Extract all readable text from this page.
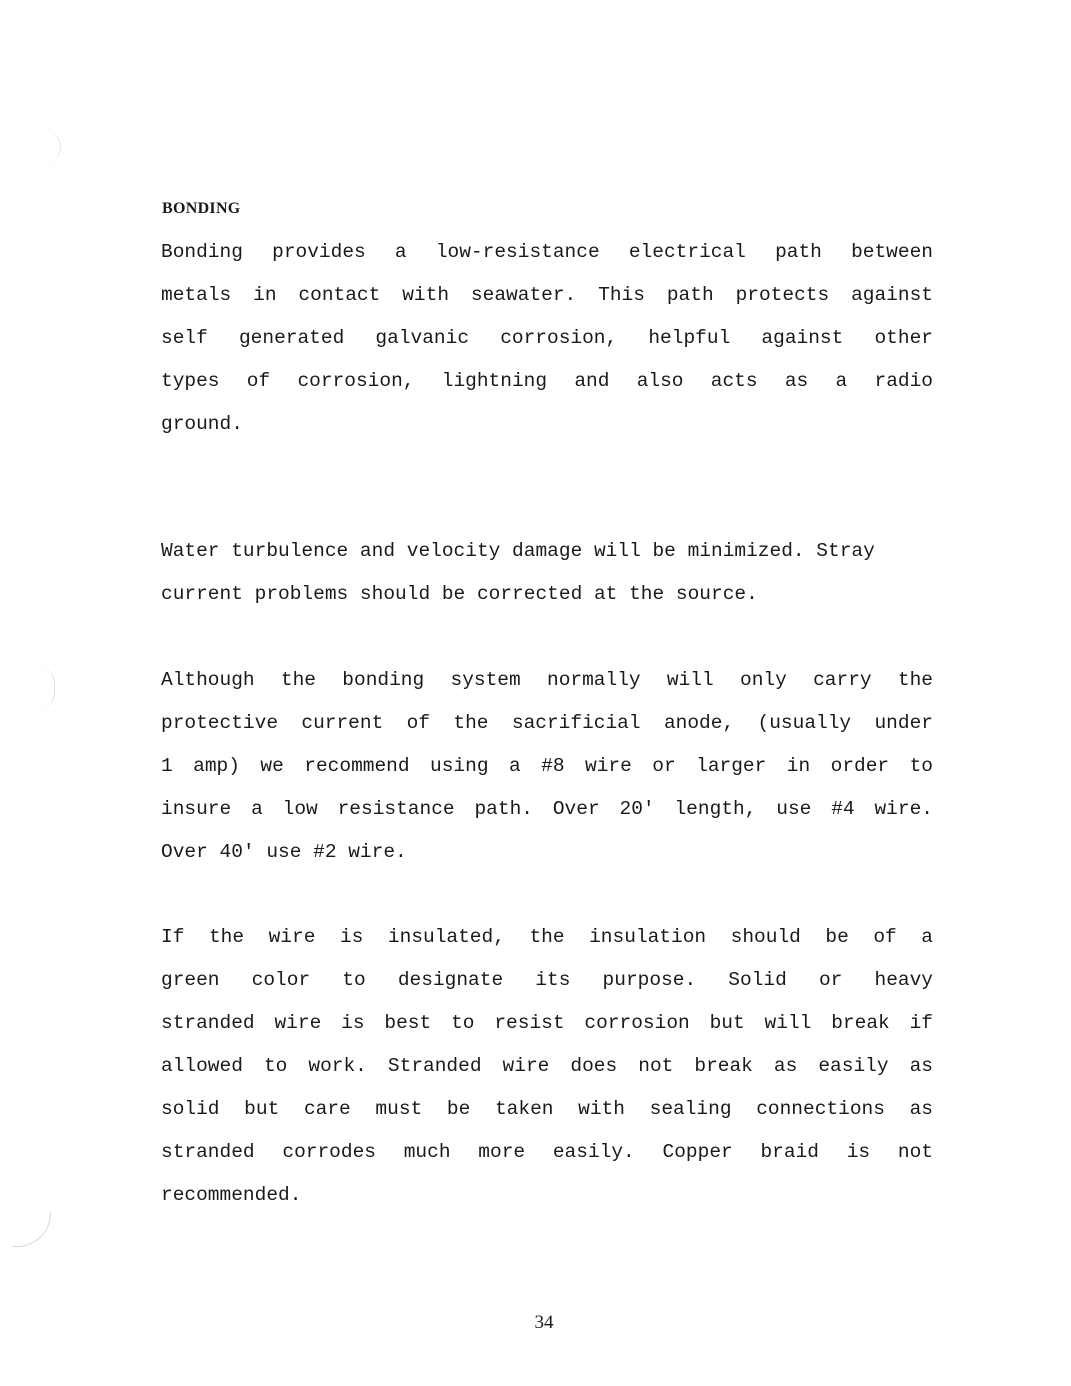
BONDING

Bonding provides a low-resistance electrical path between
metals in contact with seawater. This path protects against
self generated galvanic corrosion, helpful against other
types of corrosion, lightning and also acts as a radio
ground.

Water turbulence and velocity damage will be minimized. Stray
current problems should be corrected at the source.

Although the bonding system normally will only carry the
protective current of the sacrificial anode, (usually under
1 amp) we recommend using a #8 wire or larger in order to
insure a low resistance path. Over 20' length, use #4 wire.
Over 40' use #2 wire.

If the wire is insulated, the insulation should be of a
green color to designate its purpose. Solid or heavy
stranded wire is best to resist corrosion but will break if
allowed to work. Stranded wire does not break as easily as
solid but care must be taken with sealing connections as
stranded corrodes much more easily. Copper braid is not
recommended.

34
